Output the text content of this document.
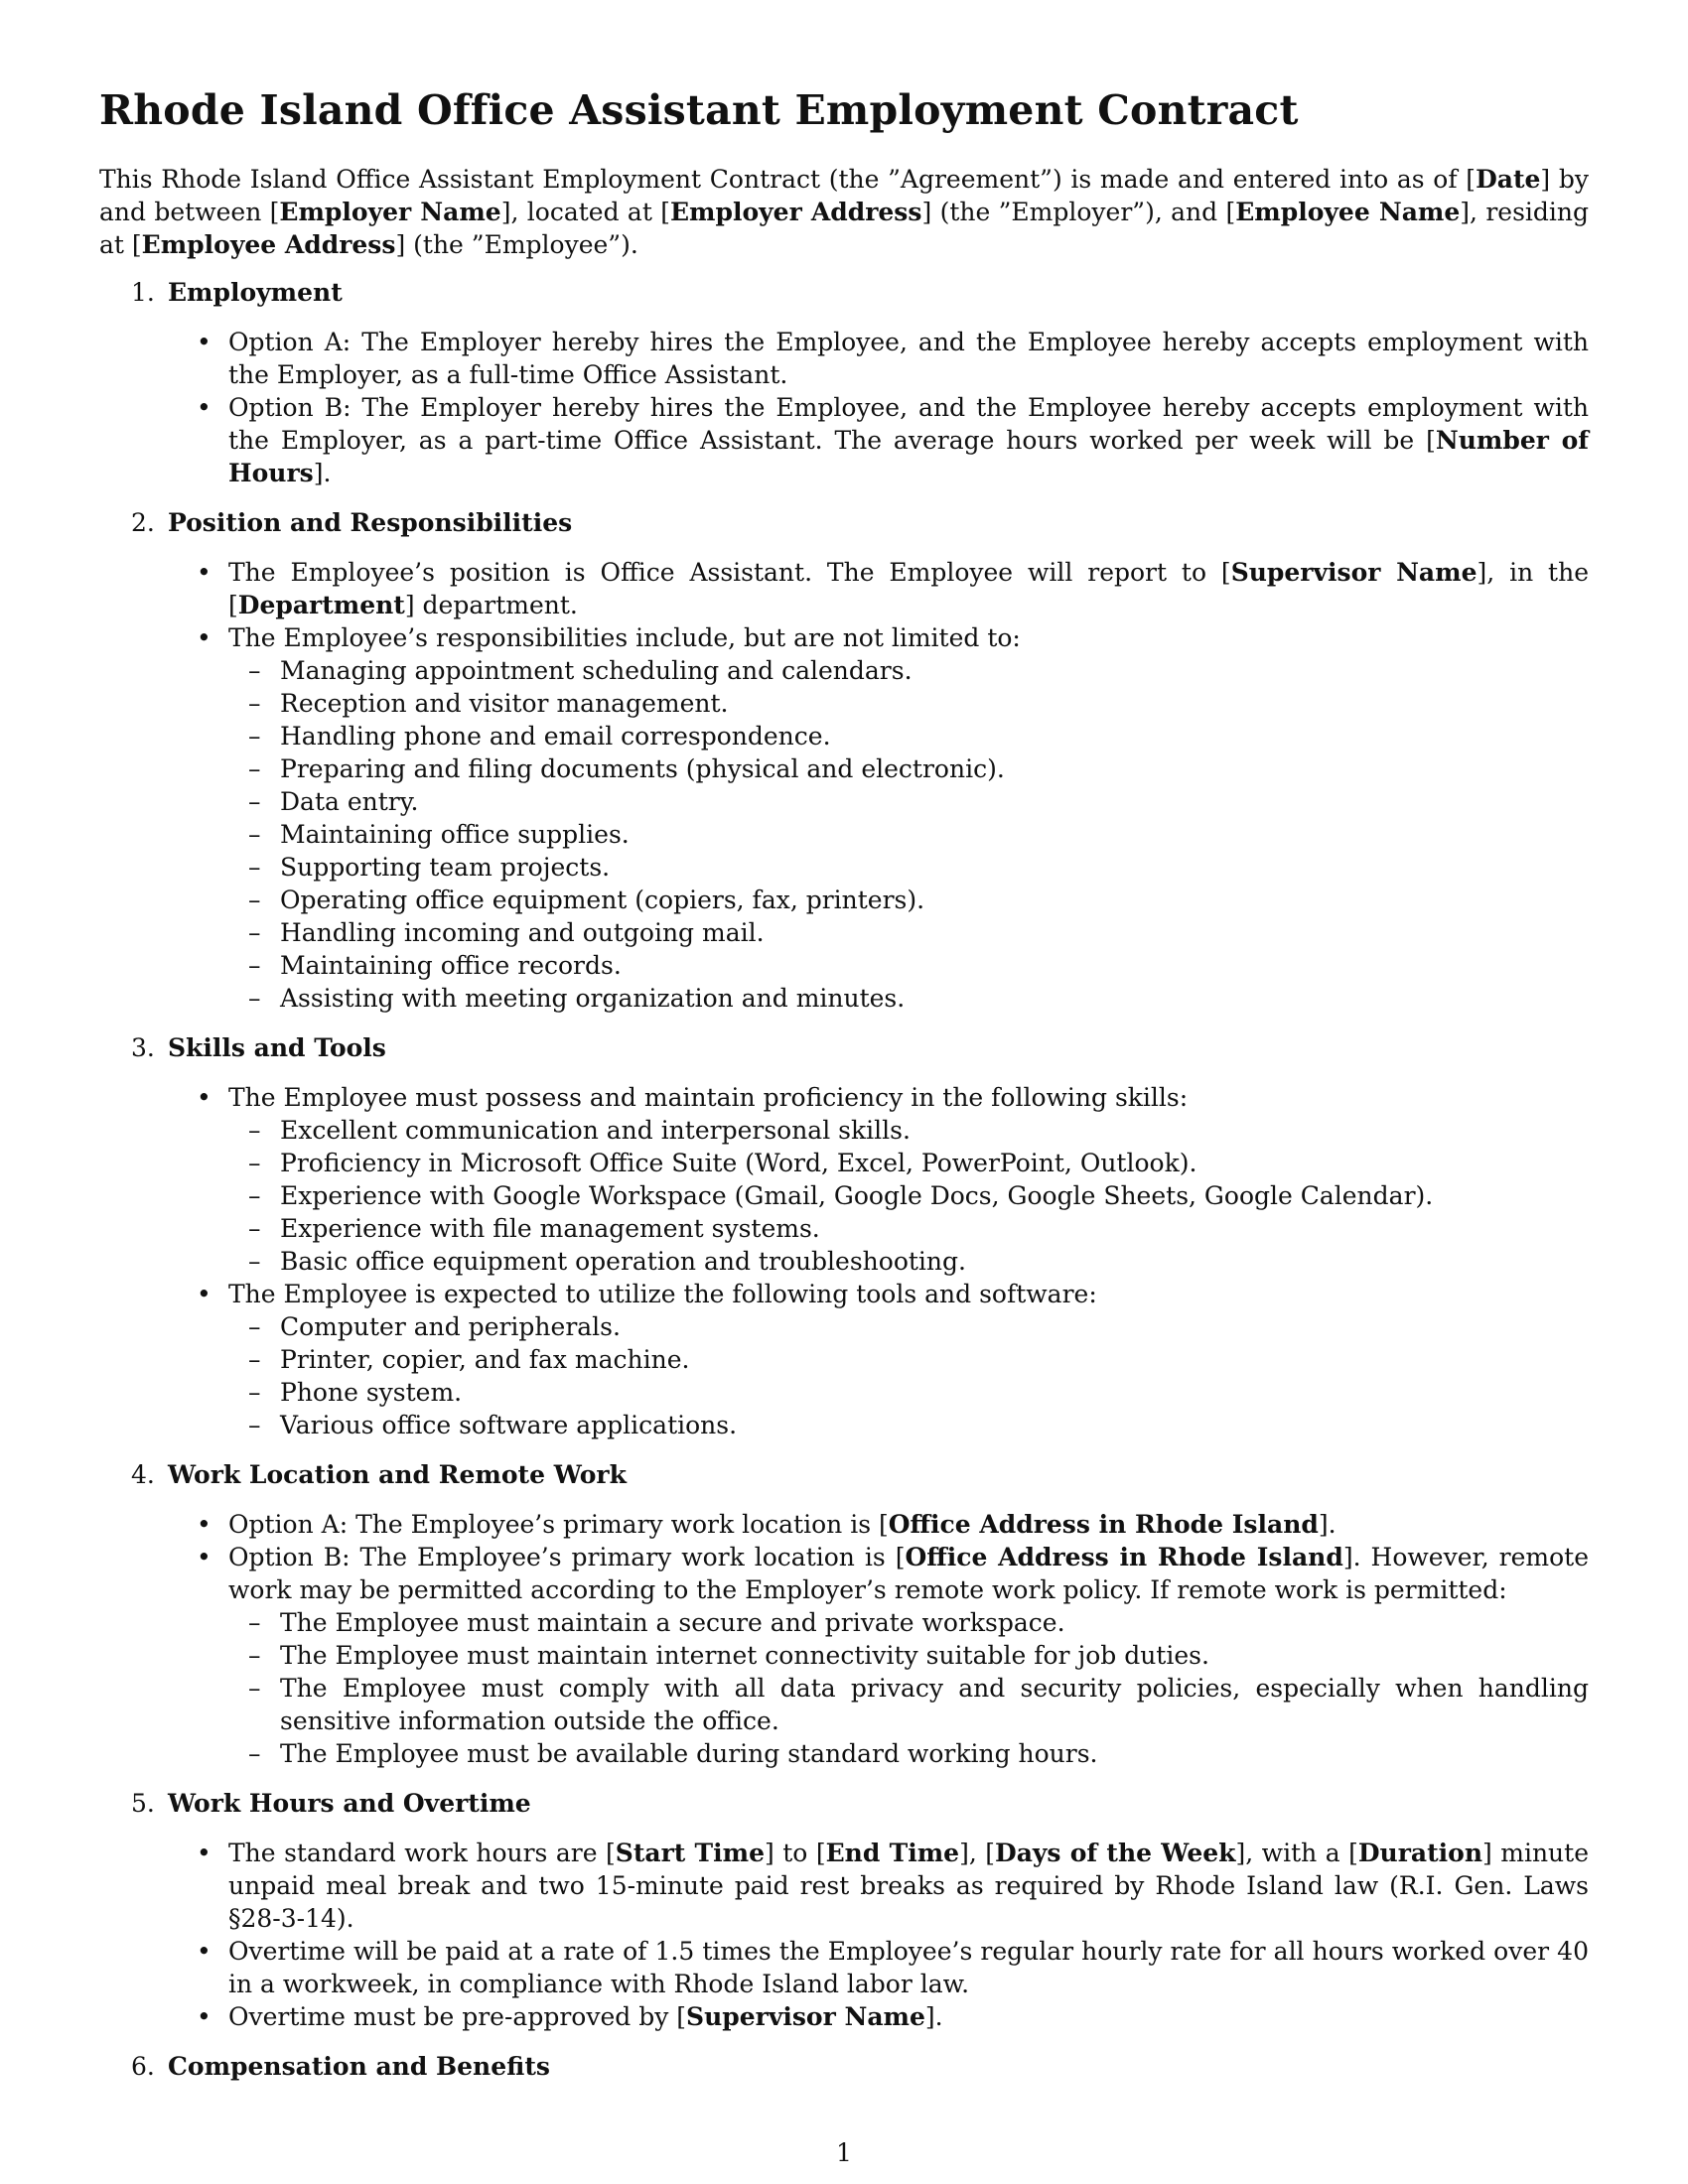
Rhode Island Office Assistant Employment Contract

This Rhode Island Office Assistant Employment Contract (the ”Agreement”) is made and entered into as of [Date] by and between [Employer Name], located at [Employer Address] (the ”Employer”), and [Employee Name], residing at [Employee Address] (the ”Employee”).

1. Employment
• Option A: The Employer hereby hires the Employee, and the Employee hereby accepts employment with the Employer, as a full-time Office Assistant.
• Option B: The Employer hereby hires the Employee, and the Employee hereby accepts employment with the Employer, as a part-time Office Assistant. The average hours worked per week will be [Number of Hours].
2. Position and Responsibilities
• The Employee’s position is Office Assistant. The Employee will report to [Supervisor Name], in the [Department] department.
• The Employee’s responsibilities include, but are not limited to:
– Managing appointment scheduling and calendars.
– Reception and visitor management.
– Handling phone and email correspondence.
– Preparing and filing documents (physical and electronic).
– Data entry.
– Maintaining office supplies.
– Supporting team projects.
– Operating office equipment (copiers, fax, printers).
– Handling incoming and outgoing mail.
– Maintaining office records.
– Assisting with meeting organization and minutes.
3. Skills and Tools
• The Employee must possess and maintain proficiency in the following skills:
– Excellent communication and interpersonal skills.
– Proficiency in Microsoft Office Suite (Word, Excel, PowerPoint, Outlook).
– Experience with Google Workspace (Gmail, Google Docs, Google Sheets, Google Calendar).
– Experience with file management systems.
– Basic office equipment operation and troubleshooting.
• The Employee is expected to utilize the following tools and software:
– Computer and peripherals.
– Printer, copier, and fax machine.
– Phone system.
– Various office software applications.
4. Work Location and Remote Work
• Option A: The Employee’s primary work location is [Office Address in Rhode Island].
• Option B: The Employee’s primary work location is [Office Address in Rhode Island]. However, remote work may be permitted according to the Employer’s remote work policy. If remote work is permitted:
– The Employee must maintain a secure and private workspace.
– The Employee must maintain internet connectivity suitable for job duties.
– The Employee must comply with all data privacy and security policies, especially when handling sensitive information outside the office.
– The Employee must be available during standard working hours.
5. Work Hours and Overtime
• The standard work hours are [Start Time] to [End Time], [Days of the Week], with a [Duration] minute unpaid meal break and two 15-minute paid rest breaks as required by Rhode Island law (R.I. Gen. Laws §28-3-14).
• Overtime will be paid at a rate of 1.5 times the Employee’s regular hourly rate for all hours worked over 40 in a workweek, in compliance with Rhode Island labor law.
• Overtime must be pre-approved by [Supervisor Name].
6. Compensation and Benefits
1
